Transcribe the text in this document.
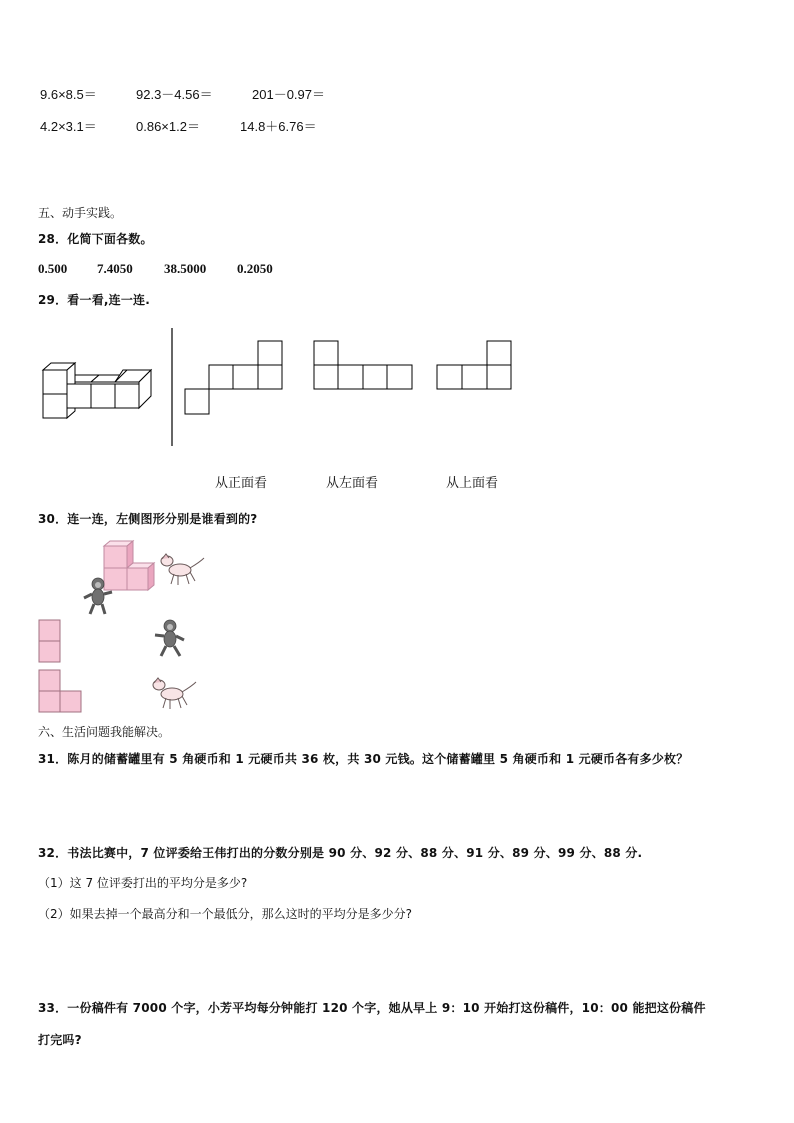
9.6×8.5＝	92.3－4.56＝	201－0.97＝
4.2×3.1＝	0.86×1.2＝	14.8＋6.76＝
五、动手实践。
28．化简下面各数。
0.500 7.4050 38.5000 0.2050
29．看一看,连一连.
从正面看	从左面看	从上面看
30．连一连，左侧图形分别是谁看到的?
六、生活问题我能解决。
31．陈月的储蓄罐里有 5 角硬币和 1 元硬币共 36 枚，共 30 元钱。这个储蓄罐里 5 角硬币和 1 元硬币各有多少枚？
32．书法比赛中，7 位评委给王伟打出的分数分别是 90 分、92 分、88 分、91 分、89 分、99 分、88 分.
（1）这 7 位评委打出的平均分是多少?
（2）如果去掉一个最高分和一个最低分，那么这时的平均分是多少分?
33．一份稿件有 7000 个字，小芳平均每分钟能打 120 个字，她从早上 9：10 开始打这份稿件，10：00 能把这份稿件
打完吗?
